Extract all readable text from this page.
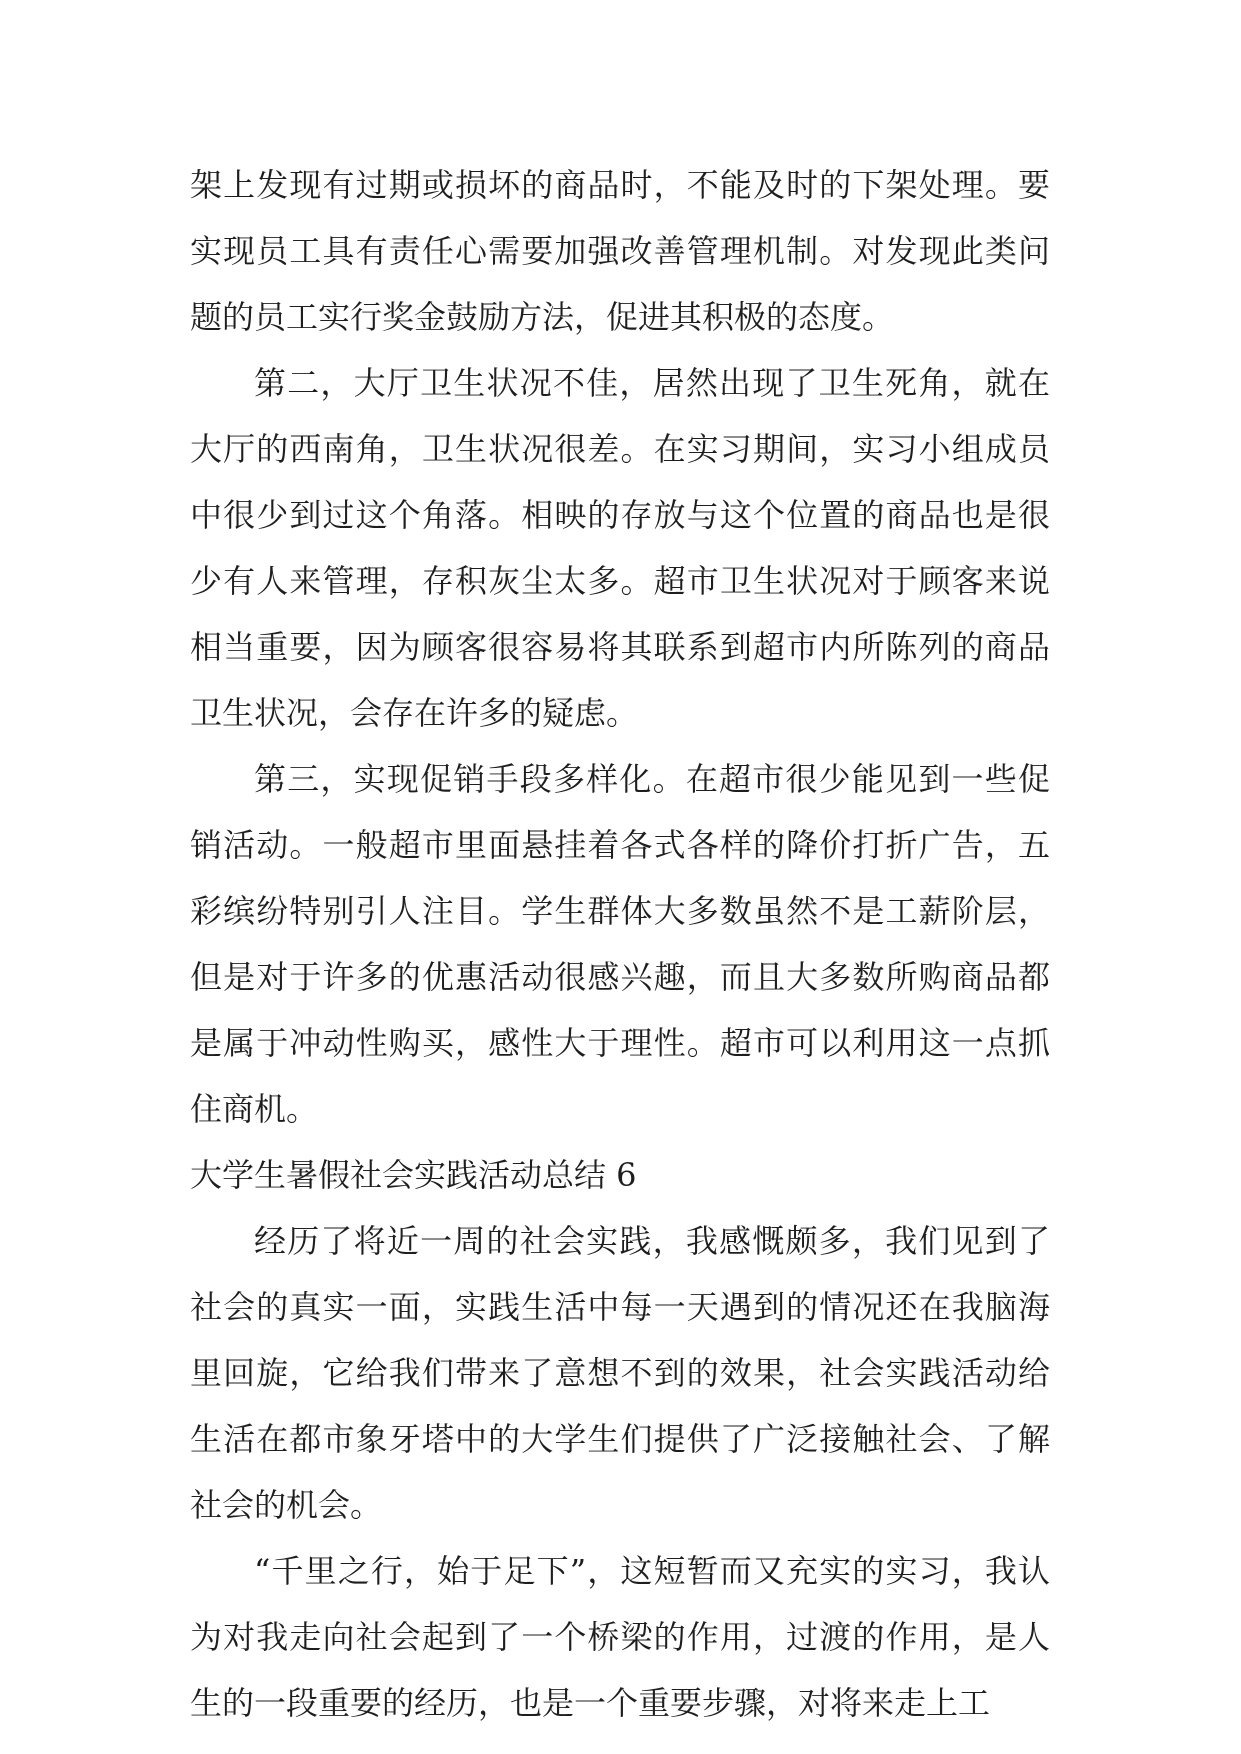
架上发现有过期或损坏的商品时，不能及时的下架处理。要实现员工具有责任心需要加强改善管理机制。对发现此类问题的员工实行奖金鼓励方法，促进其积极的态度。

第二，大厅卫生状况不佳，居然出现了卫生死角，就在大厅的西南角，卫生状况很差。在实习期间，实习小组成员中很少到过这个角落。相映的存放与这个位置的商品也是很少有人来管理，存积灰尘太多。超市卫生状况对于顾客来说相当重要，因为顾客很容易将其联系到超市内所陈列的商品卫生状况，会存在许多的疑虑。

第三，实现促销手段多样化。在超市很少能见到一些促销活动。一般超市里面悬挂着各式各样的降价打折广告，五彩缤纷特别引人注目。学生群体大多数虽然不是工薪阶层，但是对于许多的优惠活动很感兴趣，而且大多数所购商品都是属于冲动性购买，感性大于理性。超市可以利用这一点抓住商机。

大学生暑假社会实践活动总结 6

经历了将近一周的社会实践，我感慨颇多，我们见到了社会的真实一面，实践生活中每一天遇到的情况还在我脑海里回旋，它给我们带来了意想不到的效果，社会实践活动给生活在都市象牙塔中的大学生们提供了广泛接触社会、了解社会的机会。

“千里之行，始于足下”，这短暂而又充实的实习，我认为对我走向社会起到了一个桥梁的作用，过渡的作用，是人生的一段重要的经历，也是一个重要步骤，对将来走上工
